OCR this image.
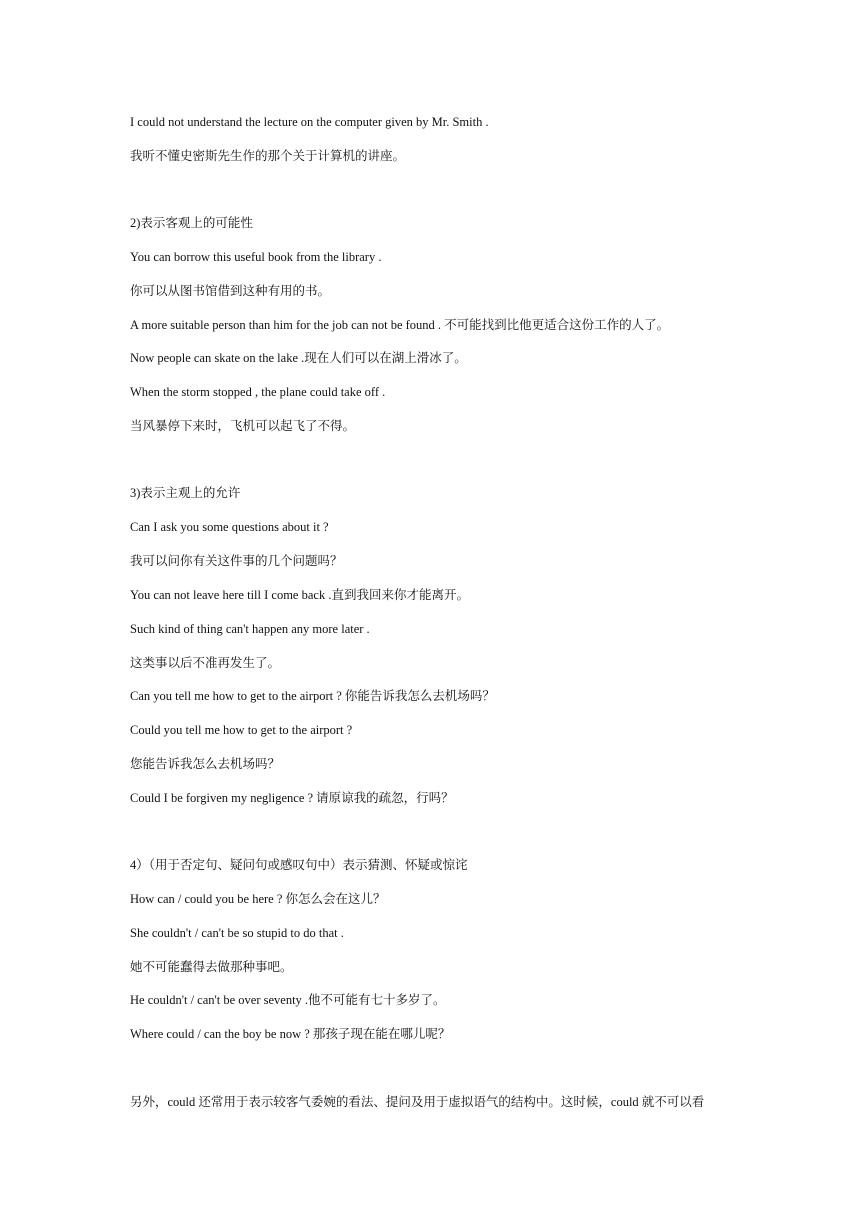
I could not understand the lecture on the computer given by Mr. Smith .
我听不懂史密斯先生作的那个关于计算机的讲座。
2)表示客观上的可能性
You can borrow this useful book from the library .
你可以从图书馆借到这种有用的书。
A more suitable person than him for the job can not be found . 不可能找到比他更适合这份工作的人了。
Now people can skate on the lake .现在人们可以在湖上滑冰了。
When the storm stopped , the plane could take off .
当风暴停下来时，飞机可以起飞了不得。
3)表示主观上的允许
Can I ask you some questions about it ?
我可以问你有关这件事的几个问题吗？
You can not leave here till I come back .直到我回来你才能离开。
Such kind of thing can't happen any more later .
这类事以后不准再发生了。
Can you tell me how to get to the airport ? 你能告诉我怎么去机场吗？
Could you tell me how to get to the airport ?
您能告诉我怎么去机场吗？
Could I be forgiven my negligence ? 请原谅我的疏忽，行吗？
4）（用于否定句、疑问句或感叹句中）表示猜测、怀疑或惊诧
How can / could you be here ? 你怎么会在这儿？
She couldn't / can't be so stupid to do that .
她不可能蠢得去做那种事吧。
He couldn't / can't be over seventy .他不可能有七十多岁了。
Where could / can the boy be now ? 那孩子现在能在哪儿呢？
另外，could 还常用于表示较客气委婉的看法、提问及用于虚拟语气的结构中。这时候，could 就不可以看
